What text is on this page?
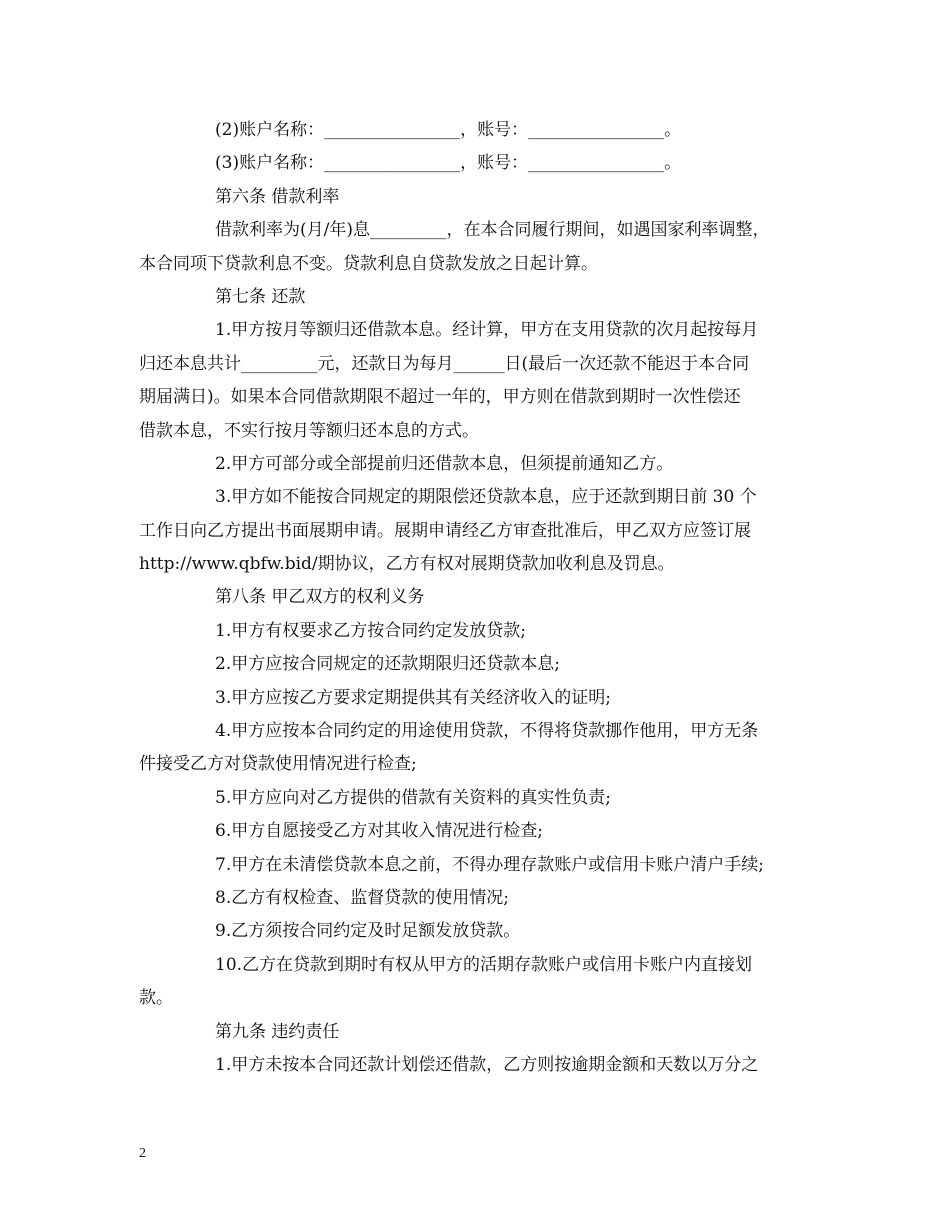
(2)账户名称：________________，账号：________________。
(3)账户名称：________________，账号：________________。
第六条 借款利率
借款利率为(月/年)息_________，在本合同履行期间，如遇国家利率调整，
本合同项下贷款利息不变。贷款利息自贷款发放之日起计算。
第七条 还款
1.甲方按月等额归还借款本息。经计算，甲方在支用贷款的次月起按每月
归还本息共计_________元，还款日为每月______日(最后一次还款不能迟于本合同
期届满日)。如果本合同借款期限不超过一年的，甲方则在借款到期时一次性偿还
借款本息，不实行按月等额归还本息的方式。
2.甲方可部分或全部提前归还借款本息，但须提前通知乙方。
3.甲方如不能按合同规定的期限偿还贷款本息，应于还款到期日前 30 个
工作日向乙方提出书面展期申请。展期申请经乙方审查批准后，甲乙双方应签订展
http://www.qbfw.bid/期协议，乙方有权对展期贷款加收利息及罚息。
第八条 甲乙双方的权利义务
1.甲方有权要求乙方按合同约定发放贷款;
2.甲方应按合同规定的还款期限归还贷款本息;
3.甲方应按乙方要求定期提供其有关经济收入的证明;
4.甲方应按本合同约定的用途使用贷款，不得将贷款挪作他用，甲方无条
件接受乙方对贷款使用情况进行检查;
5.甲方应向对乙方提供的借款有关资料的真实性负责;
6.甲方自愿接受乙方对其收入情况进行检查;
7.甲方在未清偿贷款本息之前，不得办理存款账户或信用卡账户清户手续;
8.乙方有权检查、监督贷款的使用情况;
9.乙方须按合同约定及时足额发放贷款。
10.乙方在贷款到期时有权从甲方的活期存款账户或信用卡账户内直接划
款。
第九条 违约责任
1.甲方未按本合同还款计划偿还借款，乙方则按逾期金额和天数以万分之
2
